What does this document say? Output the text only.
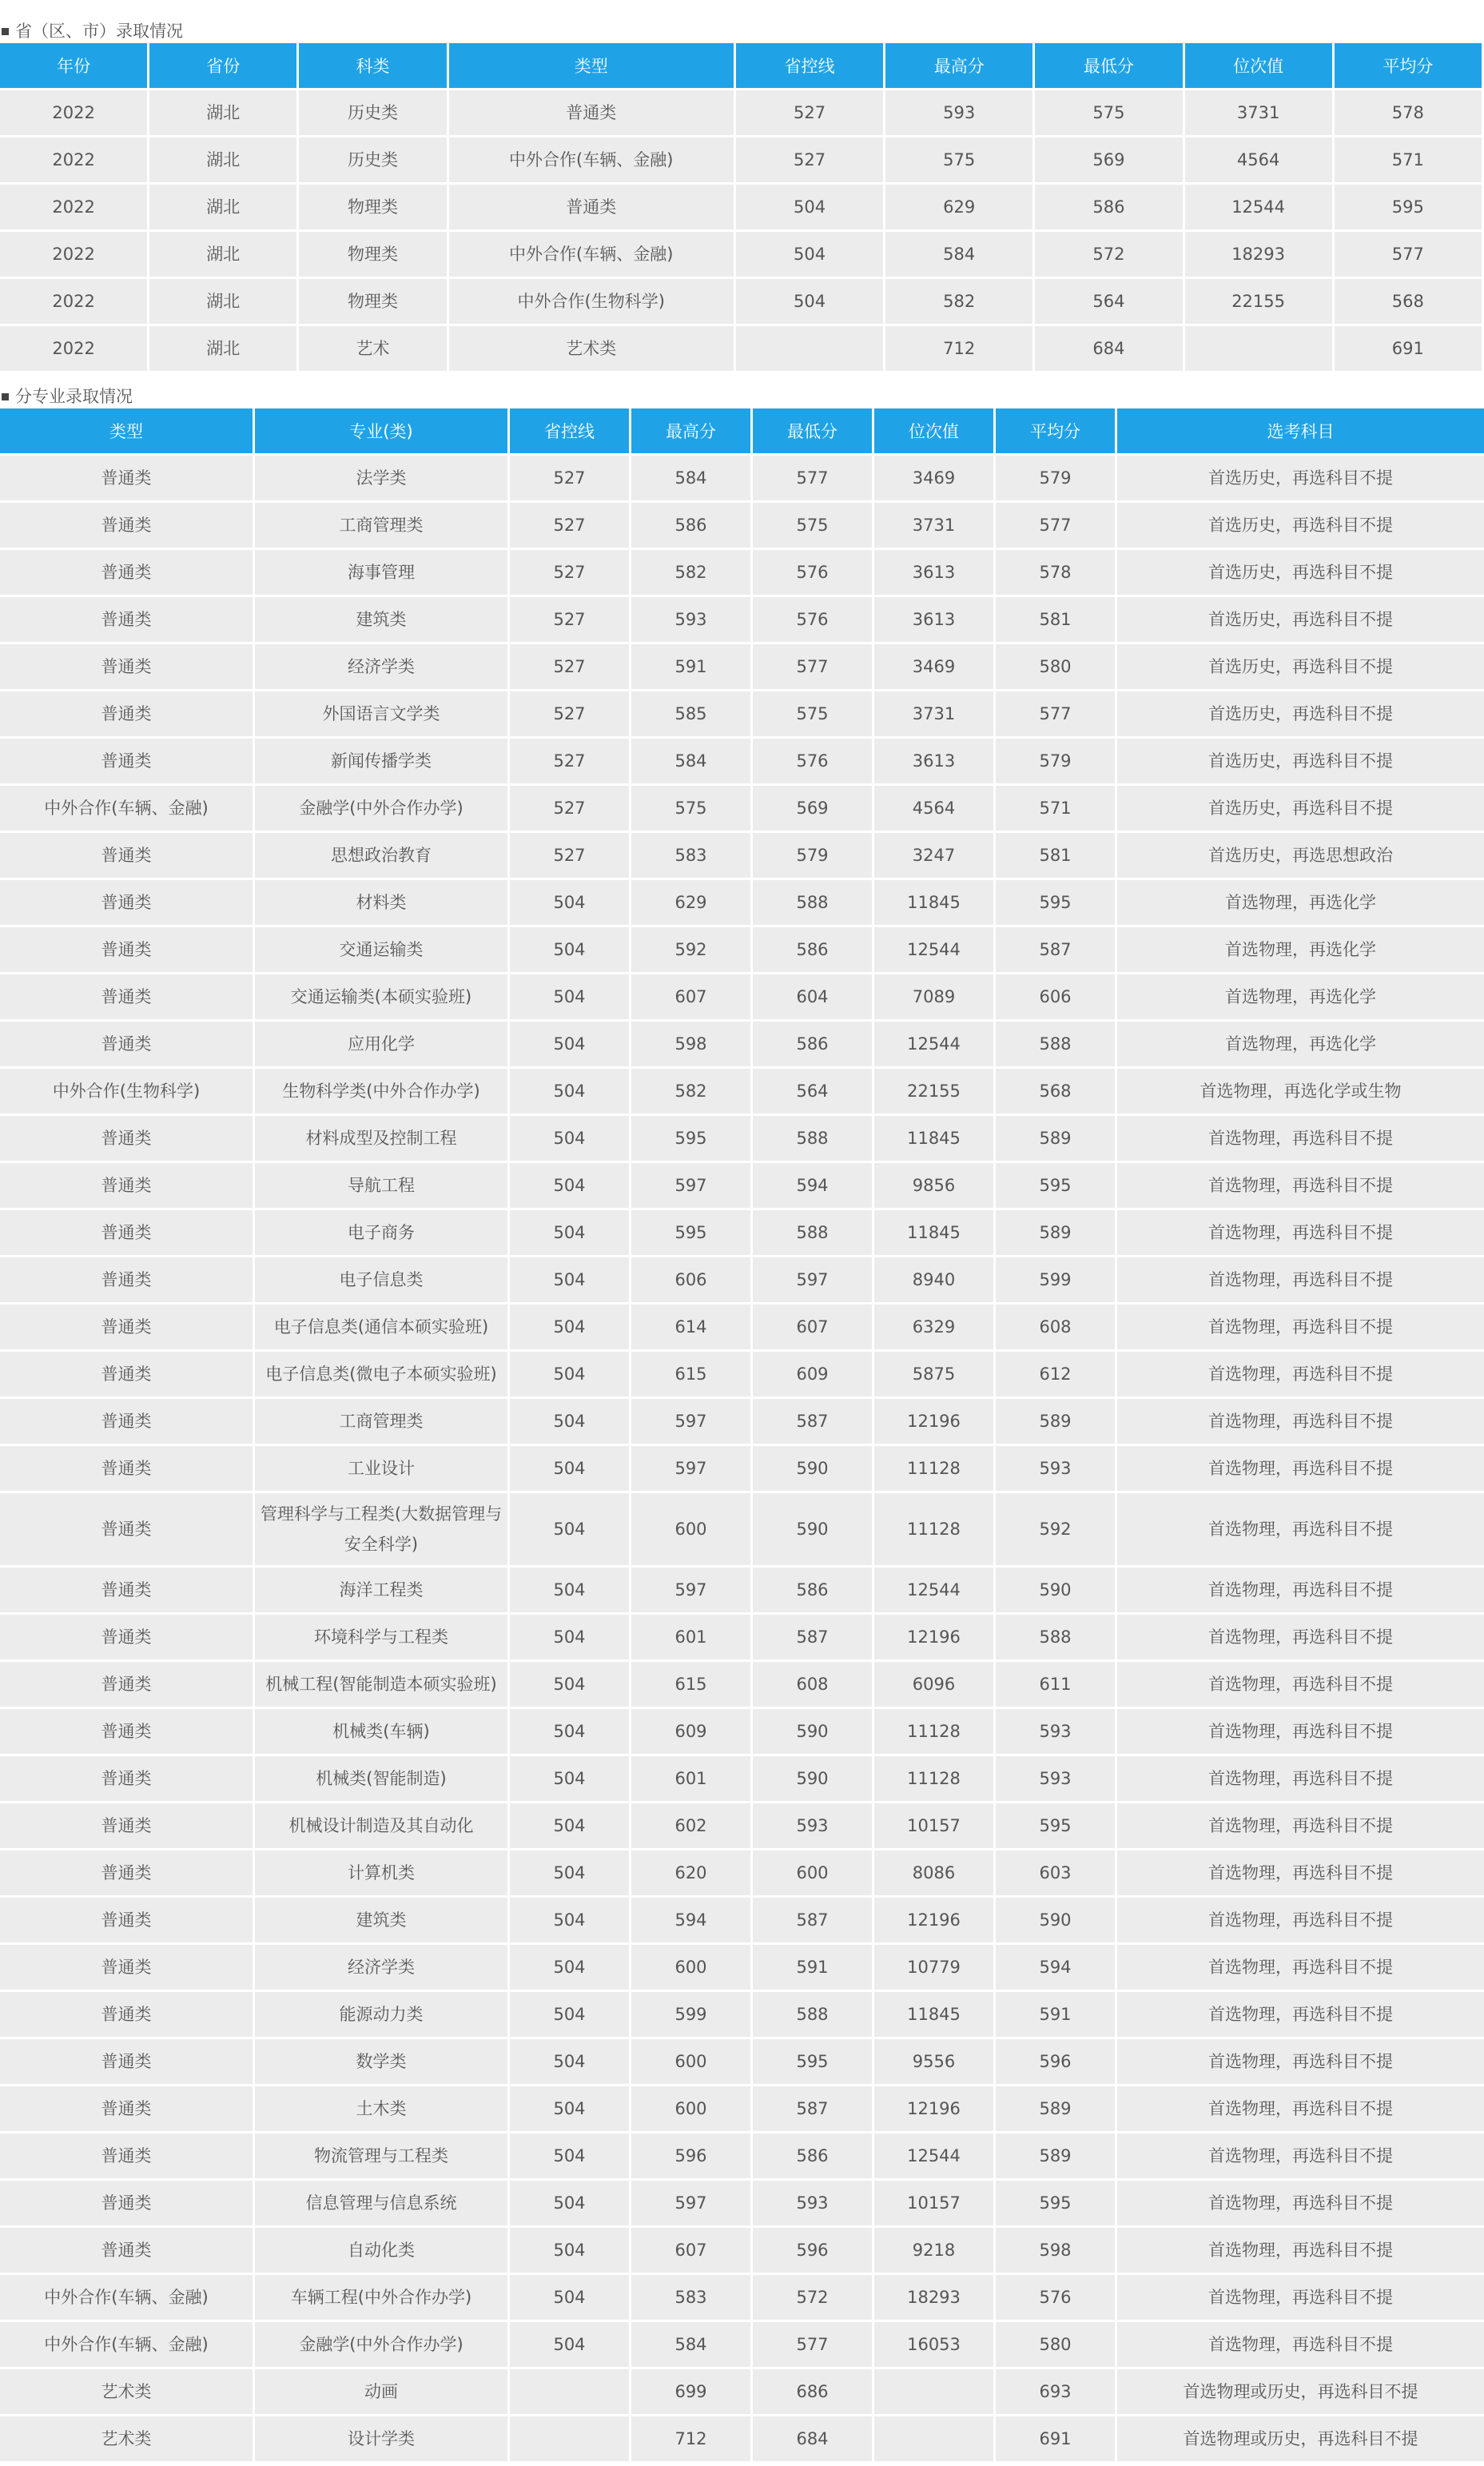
省（区、市）录取情况
年份	省份	科类	类型	省控线	最高分	最低分	位次值	平均分
2022	湖北	历史类	普通类	527	593	575	3731	578
2022	湖北	历史类	中外合作(车辆、金融)	527	575	569	4564	571
2022	湖北	物理类	普通类	504	629	586	12544	595
2022	湖北	物理类	中外合作(车辆、金融)	504	584	572	18293	577
2022	湖北	物理类	中外合作(生物科学)	504	582	564	22155	568
2022	湖北	艺术	艺术类		712	684		691
分专业录取情况
类型	专业(类)	省控线	最高分	最低分	位次值	平均分	选考科目
普通类	法学类	527	584	577	3469	579	首选历史，再选科目不提
普通类	工商管理类	527	586	575	3731	577	首选历史，再选科目不提
普通类	海事管理	527	582	576	3613	578	首选历史，再选科目不提
普通类	建筑类	527	593	576	3613	581	首选历史，再选科目不提
普通类	经济学类	527	591	577	3469	580	首选历史，再选科目不提
普通类	外国语言文学类	527	585	575	3731	577	首选历史，再选科目不提
普通类	新闻传播学类	527	584	576	3613	579	首选历史，再选科目不提
中外合作(车辆、金融)	金融学(中外合作办学)	527	575	569	4564	571	首选历史，再选科目不提
普通类	思想政治教育	527	583	579	3247	581	首选历史，再选思想政治
普通类	材料类	504	629	588	11845	595	首选物理，再选化学
普通类	交通运输类	504	592	586	12544	587	首选物理，再选化学
普通类	交通运输类(本硕实验班)	504	607	604	7089	606	首选物理，再选化学
普通类	应用化学	504	598	586	12544	588	首选物理，再选化学
中外合作(生物科学)	生物科学类(中外合作办学)	504	582	564	22155	568	首选物理，再选化学或生物
普通类	材料成型及控制工程	504	595	588	11845	589	首选物理，再选科目不提
普通类	导航工程	504	597	594	9856	595	首选物理，再选科目不提
普通类	电子商务	504	595	588	11845	589	首选物理，再选科目不提
普通类	电子信息类	504	606	597	8940	599	首选物理，再选科目不提
普通类	电子信息类(通信本硕实验班)	504	614	607	6329	608	首选物理，再选科目不提
普通类	电子信息类(微电子本硕实验班)	504	615	609	5875	612	首选物理，再选科目不提
普通类	工商管理类	504	597	587	12196	589	首选物理，再选科目不提
普通类	工业设计	504	597	590	11128	593	首选物理，再选科目不提
普通类	管理科学与工程类(大数据管理与安全科学)	504	600	590	11128	592	首选物理，再选科目不提
普通类	海洋工程类	504	597	586	12544	590	首选物理，再选科目不提
普通类	环境科学与工程类	504	601	587	12196	588	首选物理，再选科目不提
普通类	机械工程(智能制造本硕实验班)	504	615	608	6096	611	首选物理，再选科目不提
普通类	机械类(车辆)	504	609	590	11128	593	首选物理，再选科目不提
普通类	机械类(智能制造)	504	601	590	11128	593	首选物理，再选科目不提
普通类	机械设计制造及其自动化	504	602	593	10157	595	首选物理，再选科目不提
普通类	计算机类	504	620	600	8086	603	首选物理，再选科目不提
普通类	建筑类	504	594	587	12196	590	首选物理，再选科目不提
普通类	经济学类	504	600	591	10779	594	首选物理，再选科目不提
普通类	能源动力类	504	599	588	11845	591	首选物理，再选科目不提
普通类	数学类	504	600	595	9556	596	首选物理，再选科目不提
普通类	土木类	504	600	587	12196	589	首选物理，再选科目不提
普通类	物流管理与工程类	504	596	586	12544	589	首选物理，再选科目不提
普通类	信息管理与信息系统	504	597	593	10157	595	首选物理，再选科目不提
普通类	自动化类	504	607	596	9218	598	首选物理，再选科目不提
中外合作(车辆、金融)	车辆工程(中外合作办学)	504	583	572	18293	576	首选物理，再选科目不提
中外合作(车辆、金融)	金融学(中外合作办学)	504	584	577	16053	580	首选物理，再选科目不提
艺术类	动画		699	686		693	首选物理或历史，再选科目不提
艺术类	设计学类		712	684		691	首选物理或历史，再选科目不提
